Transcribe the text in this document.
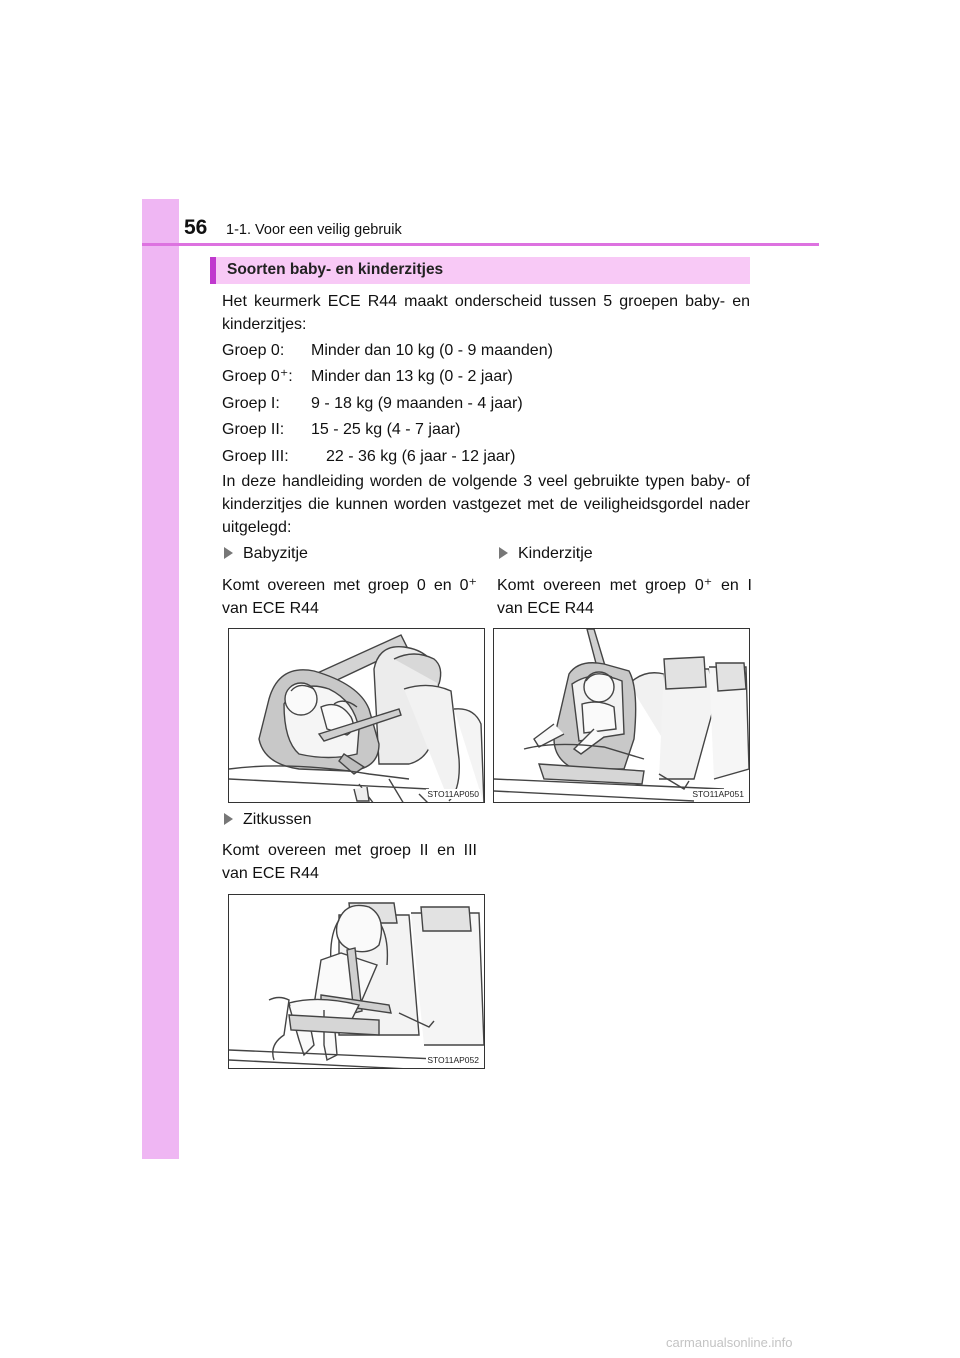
56 1-1. Voor een veilig gebruik
Soorten baby- en kinderzitjes
Het keurmerk ECE R44 maakt onderscheid tussen 5 groepen baby- en kinderzitjes:
Groep 0: Minder dan 10 kg (0 - 9 maanden)
Groep 0⁺: Minder dan 13 kg (0 - 2 jaar)
Groep I: 9 - 18 kg (9 maanden - 4 jaar)
Groep II: 15 - 25 kg (4 - 7 jaar)
Groep III: 22 - 36 kg (6 jaar - 12 jaar)
In deze handleiding worden de volgende 3 veel gebruikte typen baby- of kinderzitjes die kunnen worden vastgezet met de veiligheidsgordel nader uitgelegd:
Babyzitje
Komt overeen met groep 0 en 0⁺ van ECE R44
STO11AP050
Kinderzitje
Komt overeen met groep 0⁺ en I van ECE R44
STO11AP051
Zitkussen
Komt overeen met groep II en III van ECE R44
STO11AP052
carmanualsonline.info
